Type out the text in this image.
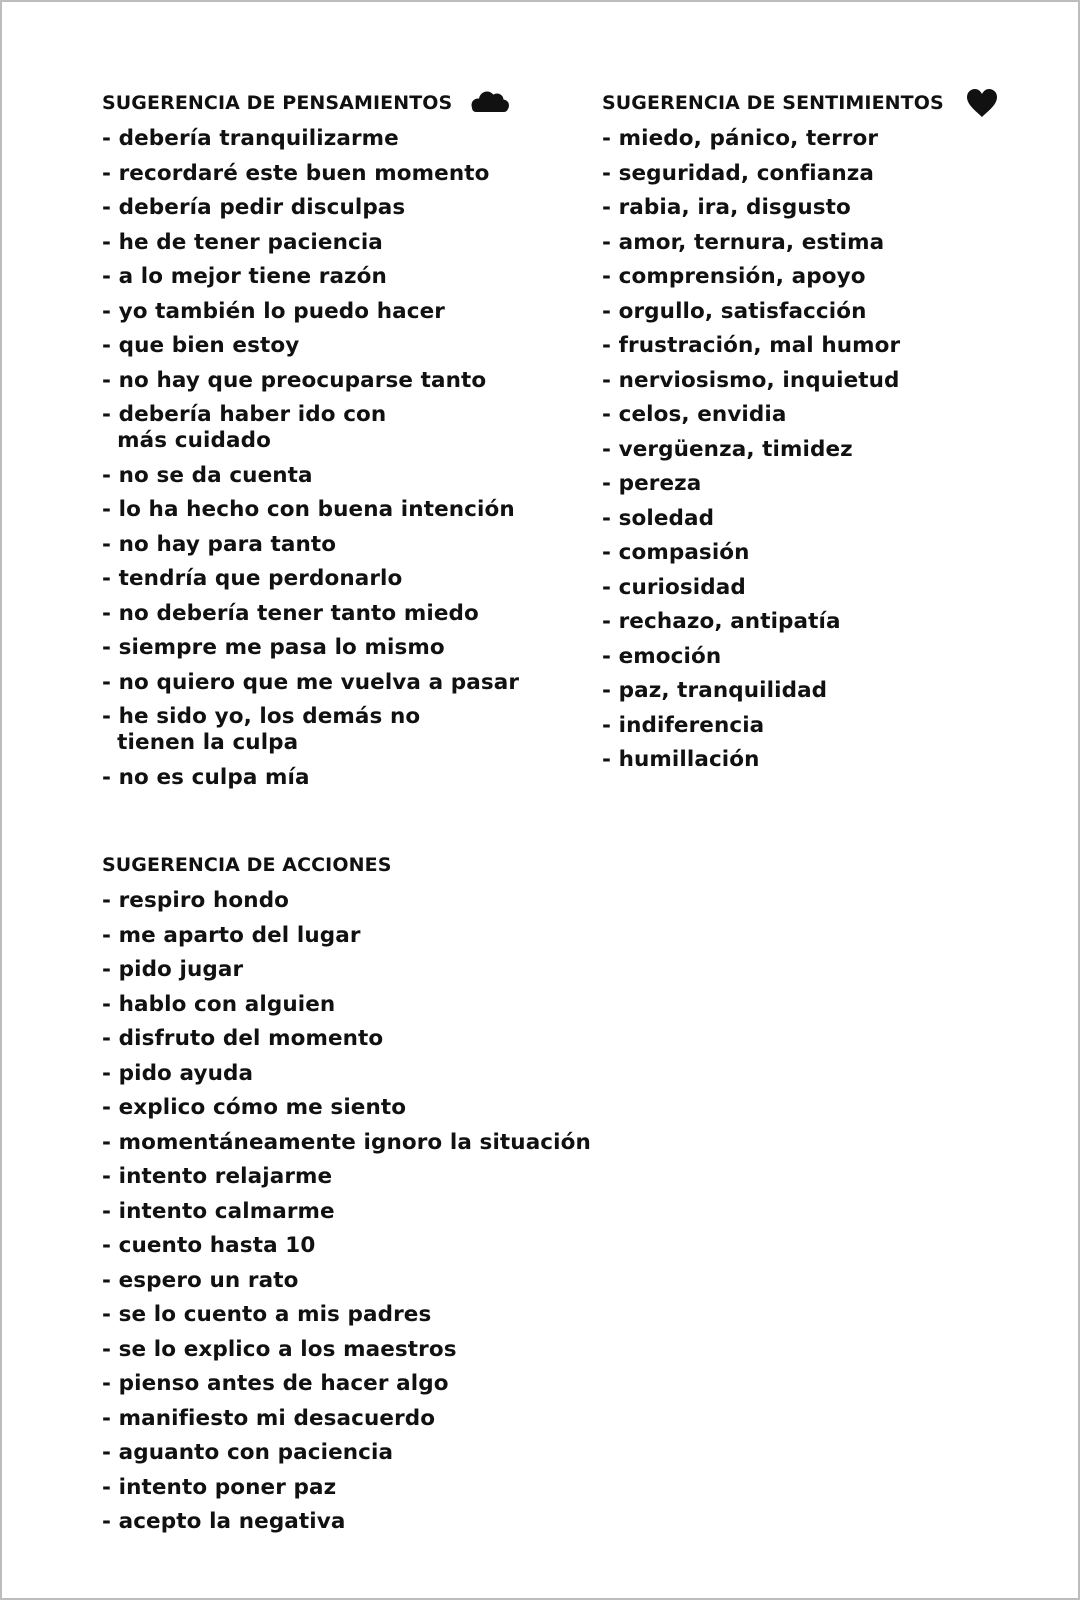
SUGERENCIA DE PENSAMIENTOS
- debería tranquilizarme
- recordaré este buen momento
- debería pedir disculpas
- he de tener paciencia
- a lo mejor tiene razón
- yo también lo puedo hacer
- que bien estoy
- no hay que preocuparse tanto
- debería haber ido con
más cuidado
- no se da cuenta
- lo ha hecho con buena intención
- no hay para tanto
- tendría que perdonarlo
- no debería tener tanto miedo
- siempre me pasa lo mismo
- no quiero que me vuelva a pasar
- he sido yo, los demás no
tienen la culpa
- no es culpa mía
SUGERENCIA DE SENTIMIENTOS
- miedo, pánico, terror
- seguridad, confianza
- rabia, ira, disgusto
- amor, ternura, estima
- comprensión, apoyo
- orgullo, satisfacción
- frustración, mal humor
- nerviosismo, inquietud
- celos, envidia
- vergüenza, timidez
- pereza
- soledad
- compasión
- curiosidad
- rechazo, antipatía
- emoción
- paz, tranquilidad
- indiferencia
- humillación
SUGERENCIA DE ACCIONES
- respiro hondo
- me aparto del lugar
- pido jugar
- hablo con alguien
- disfruto del momento
- pido ayuda
- explico cómo me siento
- momentáneamente ignoro la situación
- intento relajarme
- intento calmarme
- cuento hasta 10
- espero un rato
- se lo cuento a mis padres
- se lo explico a los maestros
- pienso antes de hacer algo
- manifiesto mi desacuerdo
- aguanto con paciencia
- intento poner paz
- acepto la negativa
